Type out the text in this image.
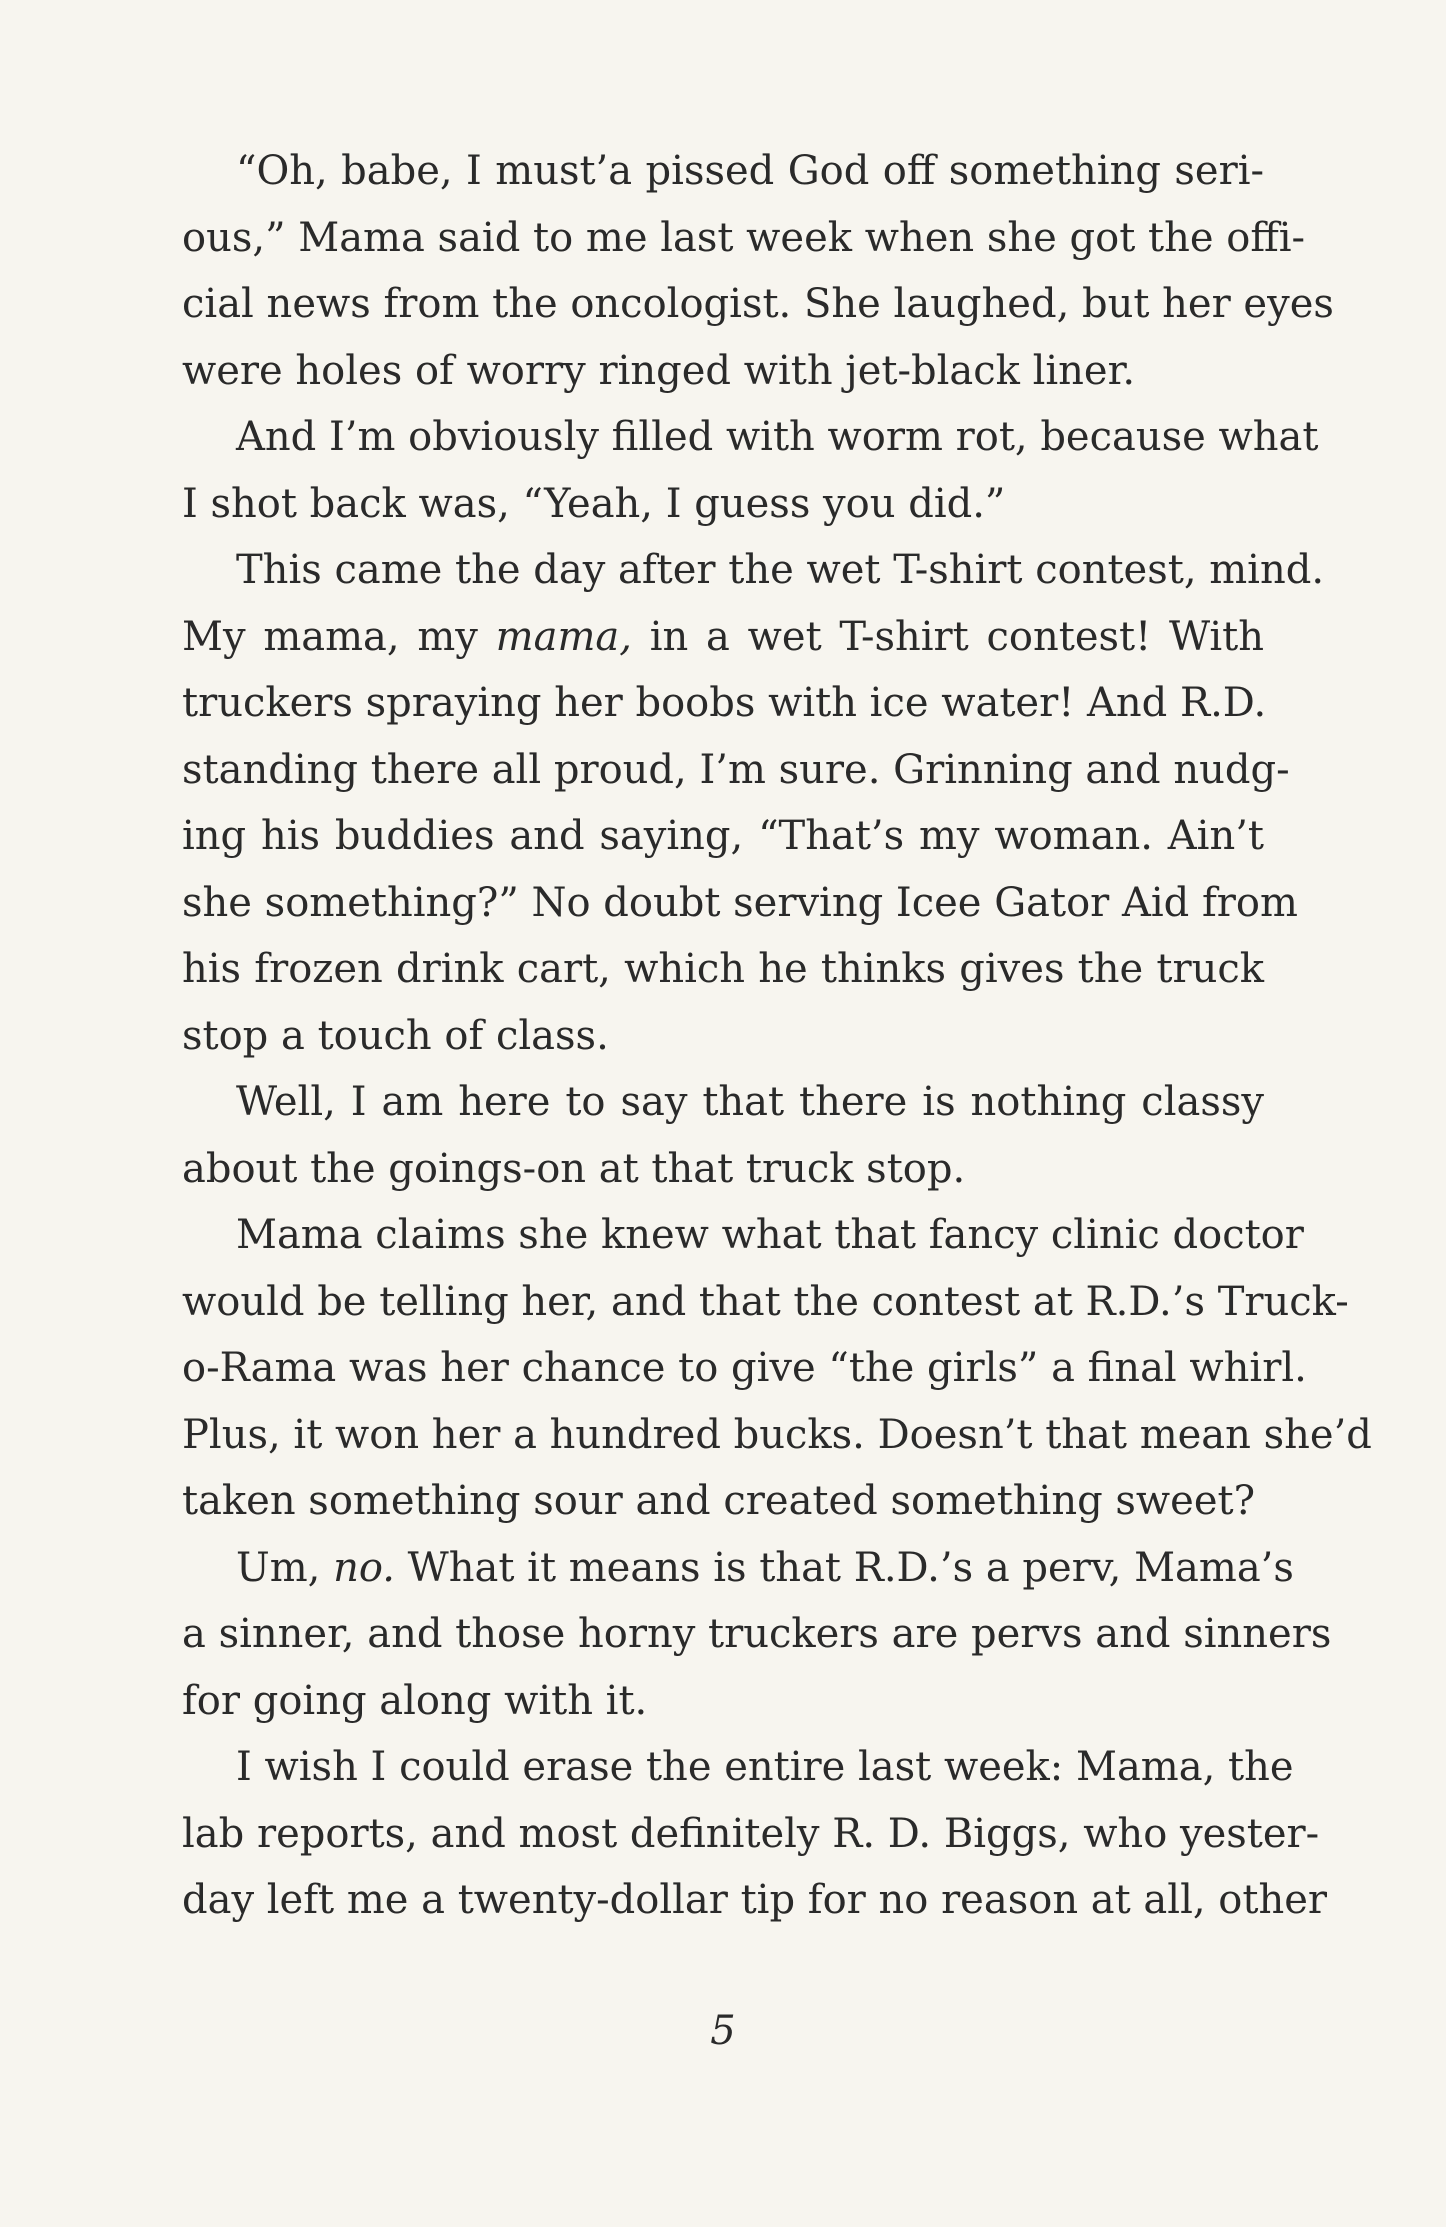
“Oh, babe, I must’a pissed God off something seri-
ous,” Mama said to me last week when she got the offi-
cial news from the oncologist. She laughed, but her eyes
were holes of worry ringed with jet-black liner.
And I’m obviously filled with worm rot, because what
I shot back was, “Yeah, I guess you did.”
This came the day after the wet T-shirt contest, mind.
My mama, my mama, in a wet T-shirt contest! With
truckers spraying her boobs with ice water! And R.D.
standing there all proud, I’m sure. Grinning and nudg-
ing his buddies and saying, “That’s my woman. Ain’t
she something?” No doubt serving Icee Gator Aid from
his frozen drink cart, which he thinks gives the truck
stop a touch of class.
Well, I am here to say that there is nothing classy
about the goings-on at that truck stop.
Mama claims she knew what that fancy clinic doctor
would be telling her, and that the contest at R.D.’s Truck-
o-Rama was her chance to give “the girls” a final whirl.
Plus, it won her a hundred bucks. Doesn’t that mean she’d
taken something sour and created something sweet?
Um, no. What it means is that R.D.’s a perv, Mama’s
a sinner, and those horny truckers are pervs and sinners
for going along with it.
I wish I could erase the entire last week: Mama, the
lab reports, and most definitely R. D. Biggs, who yester-
day left me a twenty-dollar tip for no reason at all, other
5
